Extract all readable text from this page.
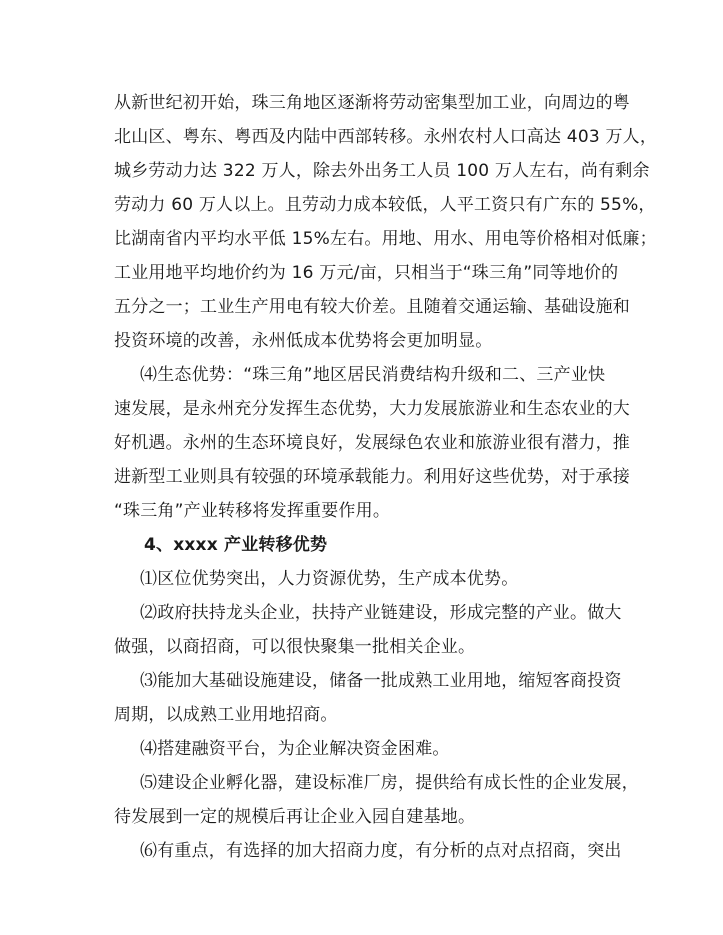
从新世纪初开始，珠三角地区逐渐将劳动密集型加工业，向周边的粤
北山区、粤东、粤西及内陆中西部转移。永州农村人口高达 403 万人，
城乡劳动力达 322 万人，除去外出务工人员 100 万人左右，尚有剩余
劳动力 60 万人以上。且劳动力成本较低，人平工资只有广东的 55%，
比湖南省内平均水平低 15%左右。用地、用水、用电等价格相对低廉；
工业用地平均地价约为 16 万元/亩，只相当于“珠三角”同等地价的
五分之一；工业生产用电有较大价差。且随着交通运输、基础设施和
投资环境的改善，永州低成本优势将会更加明显。
⑷生态优势：“珠三角”地区居民消费结构升级和二、三产业快
速发展，是永州充分发挥生态优势，大力发展旅游业和生态农业的大
好机遇。永州的生态环境良好，发展绿色农业和旅游业很有潜力，推
进新型工业则具有较强的环境承载能力。利用好这些优势，对于承接
“珠三角”产业转移将发挥重要作用。
4、xxxx 产业转移优势
⑴区位优势突出，人力资源优势，生产成本优势。
⑵政府扶持龙头企业，扶持产业链建设，形成完整的产业。做大
做强，以商招商，可以很快聚集一批相关企业。
⑶能加大基础设施建设，储备一批成熟工业用地，缩短客商投资
周期，以成熟工业用地招商。
⑷搭建融资平台，为企业解决资金困难。
⑸建设企业孵化器，建设标准厂房，提供给有成长性的企业发展，
待发展到一定的规模后再让企业入园自建基地。
⑹有重点，有选择的加大招商力度，有分析的点对点招商，突出
